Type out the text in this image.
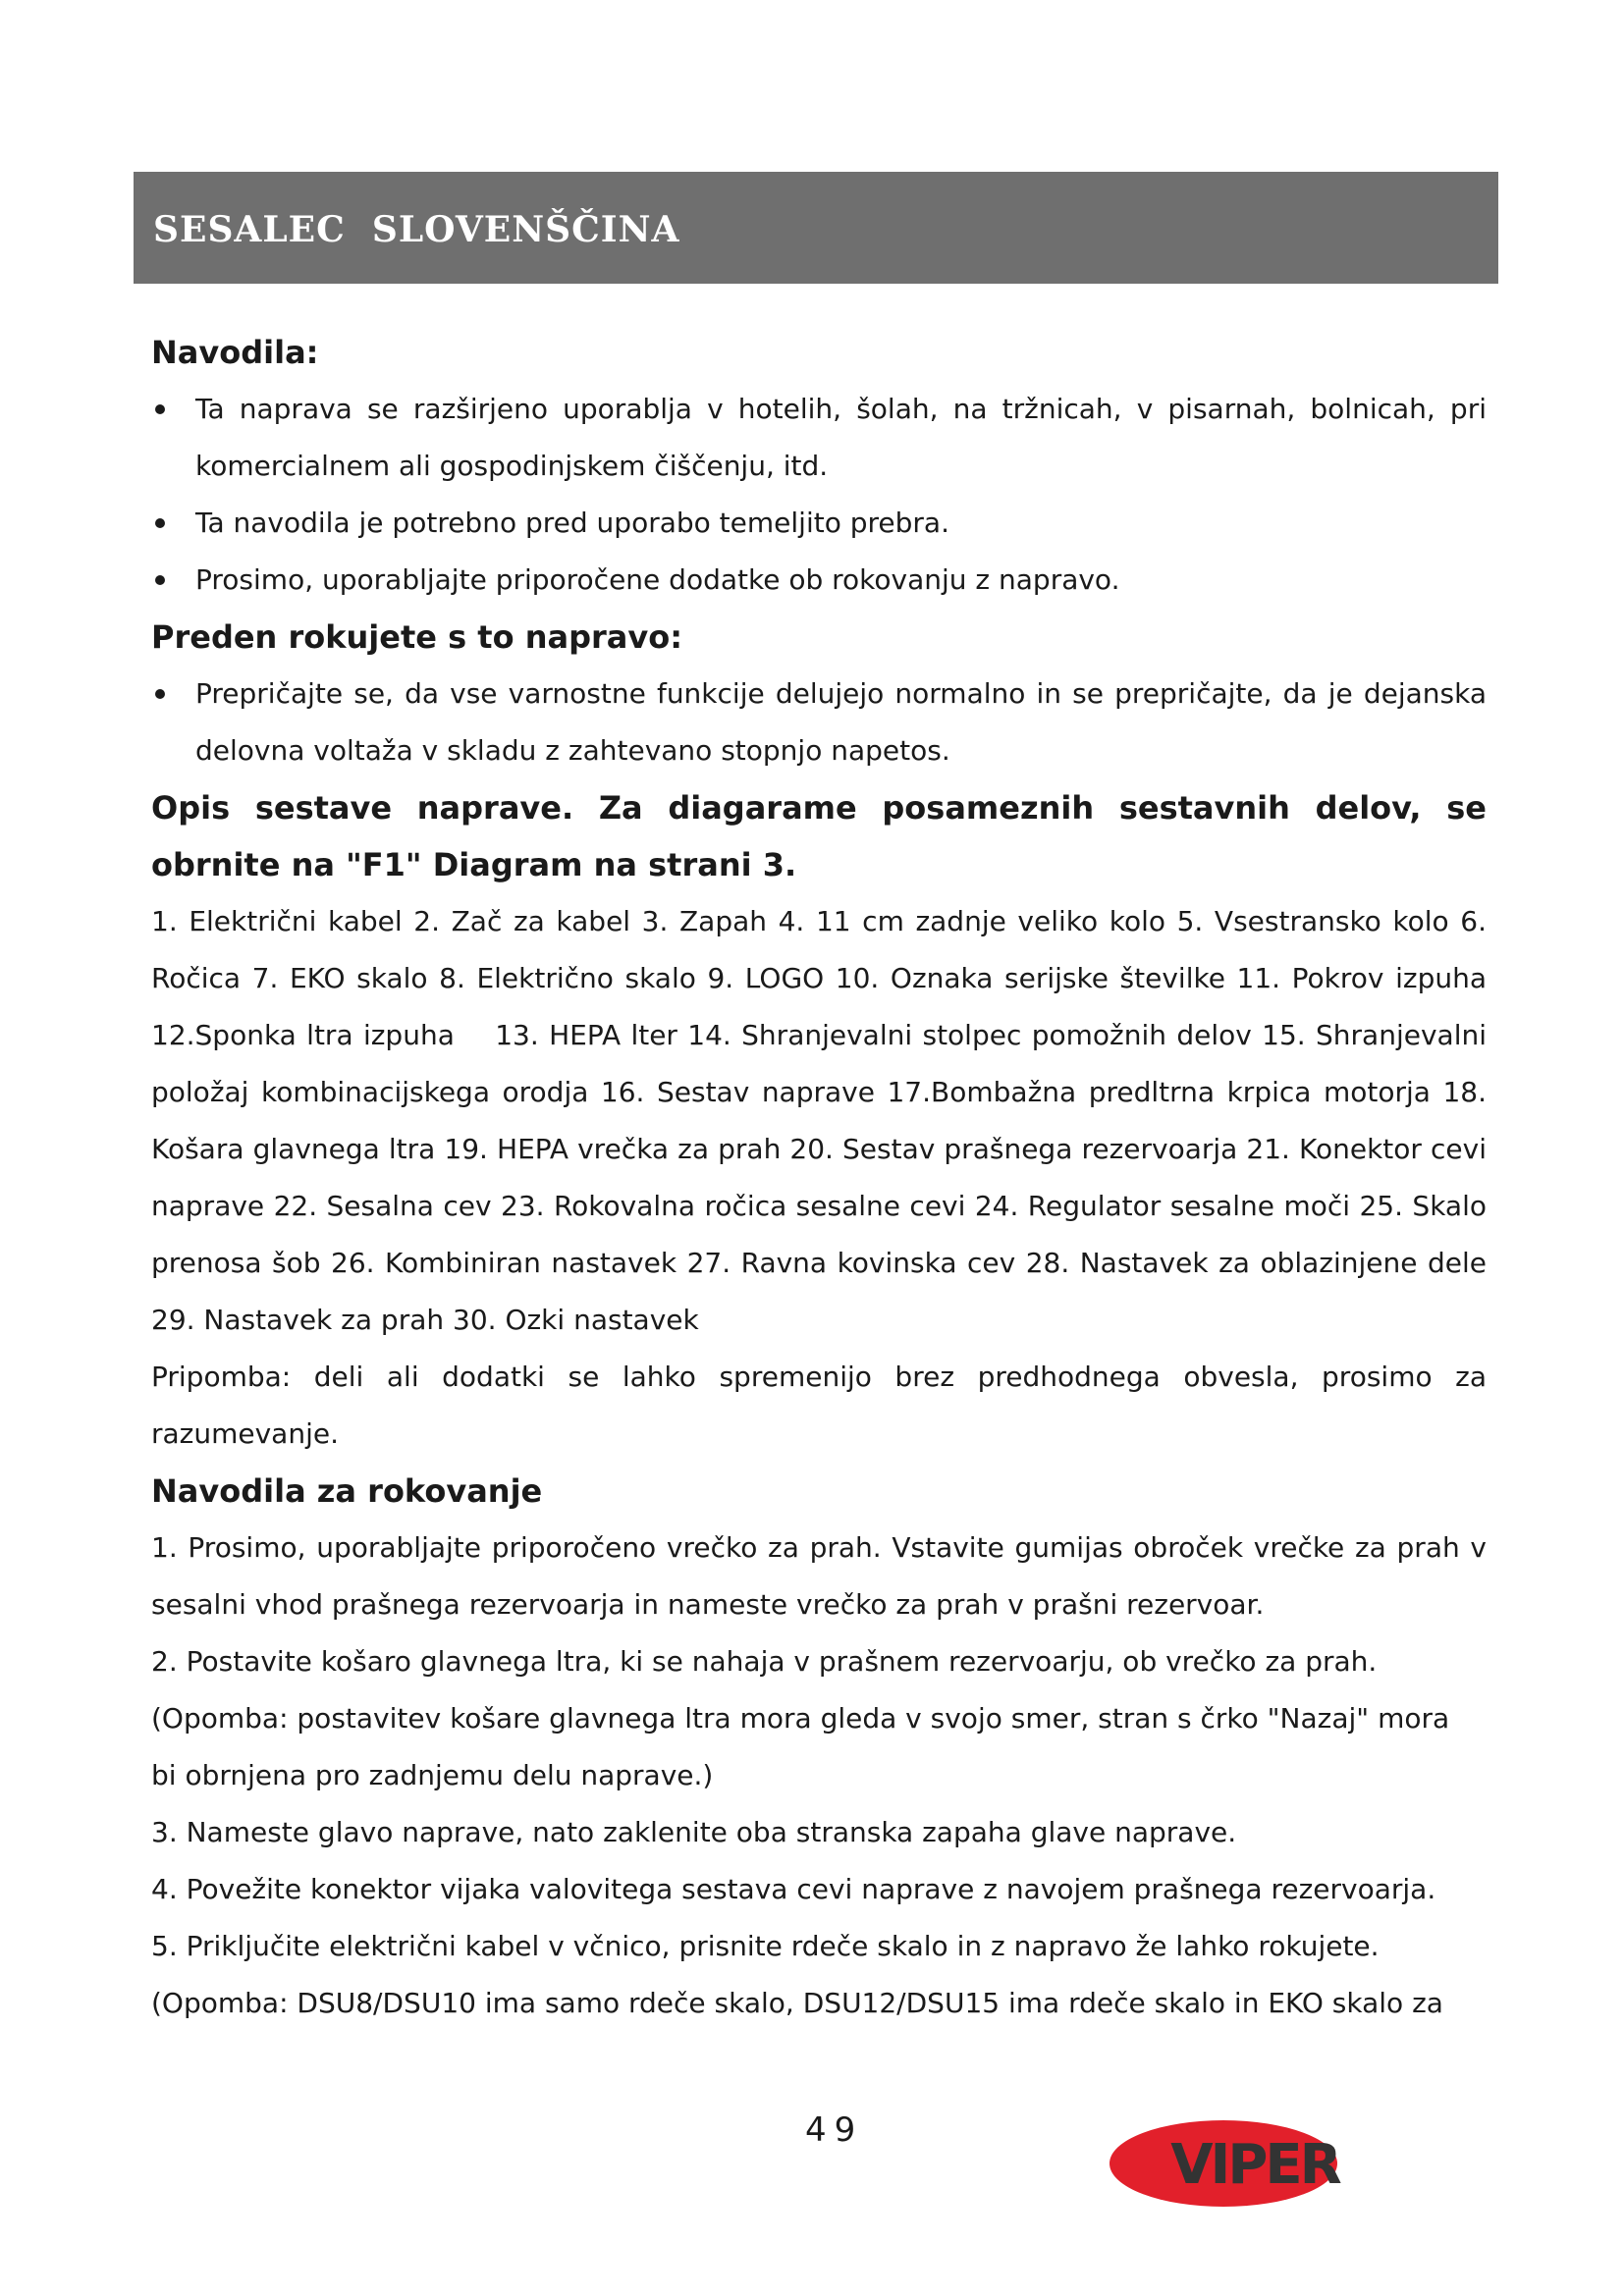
SESALEC  SLOVENŠČINA

Navodila:

Ta naprava se razširjeno uporablja v hotelih, šolah, na tržnicah, v pisarnah, bolnicah, pri komercialnem ali gospodinjskem čiščenju, itd.
Ta navodila je potrebno pred uporabo temeljito prebra.
Prosimo, uporabljajte priporočene dodatke ob rokovanju z napravo.

Preden rokujete s to napravo:

Prepričajte se, da vse varnostne funkcije delujejo normalno in se prepričajte, da je dejanska delovna voltaža v skladu z zahtevano stopnjo napetos.

Opis sestave naprave. Za diagarame posameznih sestavnih delov, se obrnite na "F1" Diagram na strani 3.

1. Električni kabel 2. Zač za kabel 3. Zapah 4. 11 cm zadnje veliko kolo 5. Vsestransko kolo 6. Ročica 7. EKO skalo 8. Električno skalo 9. LOGO 10. Oznaka serijske številke 11. Pokrov izpuha 12.Sponka ltra izpuha    13. HEPA lter 14. Shranjevalni stolpec pomožnih delov 15. Shranjevalni položaj kombinacijskega orodja 16. Sestav naprave 17.Bombažna predltrna krpica motorja 18. Košara glavnega ltra 19. HEPA vrečka za prah 20. Sestav prašnega rezervoarja 21. Konektor cevi naprave 22. Sesalna cev 23. Rokovalna ročica sesalne cevi 24. Regulator sesalne moči 25. Skalo prenosa šob 26. Kombiniran nastavek 27. Ravna kovinska cev 28. Nastavek za oblazinjene dele 29. Nastavek za prah 30. Ozki nastavek

Pripomba: deli ali dodatki se lahko spremenijo brez predhodnega obvesla, prosimo za razumevanje.

Navodila za rokovanje

1. Prosimo, uporabljajte priporočeno vrečko za prah. Vstavite gumijas obroček vrečke za prah v sesalni vhod prašnega rezervoarja in nameste vrečko za prah v prašni rezervoar.

2. Postavite košaro glavnega ltra, ki se nahaja v prašnem rezervoarju, ob vrečko za prah.

(Opomba: postavitev košare glavnega ltra mora gleda v svojo smer, stran s črko "Nazaj" mora

bi obrnjena pro zadnjemu delu naprave.)

3. Nameste glavo naprave, nato zaklenite oba stranska zapaha glave naprave.

4. Povežite konektor vijaka valovitega sestava cevi naprave z navojem prašnega rezervoarja.

5. Priključite električni kabel v včnico, prisnite rdeče skalo in z napravo že lahko rokujete.

(Opomba: DSU8/DSU10 ima samo rdeče skalo, DSU12/DSU15 ima rdeče skalo in EKO skalo za

49
VIPER
